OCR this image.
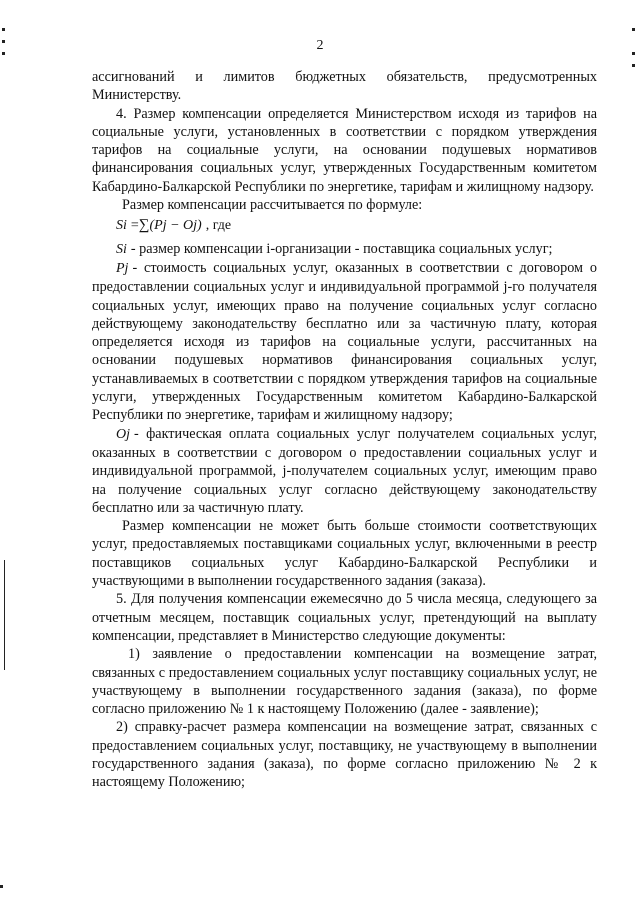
2

ассигнований и лимитов бюджетных обязательств, предусмотренных Министерству.

4. Размер компенсации определяется Министерством исходя из тарифов на социальные услуги, установленных в соответствии с порядком утверждения тарифов на социальные услуги, на основании подушевых нормативов финансирования социальных услуг, утвержденных Государственным комитетом Кабардино-Балкарской Республики по энергетике, тарифам и жилищному надзору.

Размер компенсации рассчитывается по формуле:

Si =∑(Pj − Oj) , где

Si - размер компенсации i-организации - поставщика социальных услуг;

Pj - стоимость социальных услуг, оказанных в соответствии с договором о предоставлении социальных услуг и индивидуальной программой j-го получателя социальных услуг, имеющих право на получение социальных услуг согласно действующему законодательству бесплатно или за частичную плату, которая определяется исходя из тарифов на социальные услуги, рассчитанных на основании подушевых нормативов финансирования социальных услуг, устанавливаемых в соответствии с порядком утверждения тарифов на социальные услуги, утвержденных Государственным комитетом Кабардино-Балкарской Республики по энергетике, тарифам и жилищному надзору;

Oj - фактическая оплата социальных услуг получателем социальных услуг, оказанных в соответствии с договором о предоставлении социальных услуг и индивидуальной программой, j-получателем социальных услуг, имеющим право на получение социальных услуг согласно действующему законодательству бесплатно или за частичную плату.

Размер компенсации не может быть больше стоимости соответствующих услуг, предоставляемых поставщиками социальных услуг, включенными в реестр поставщиков социальных услуг Кабардино-Балкарской Республики и участвующими в выполнении государственного задания (заказа).

5. Для получения компенсации ежемесячно до 5 числа месяца, следующего за отчетным месяцем, поставщик социальных услуг, претендующий на выплату компенсации, представляет в Министерство следующие документы:

1) заявление о предоставлении компенсации на возмещение затрат, связанных с предоставлением социальных услуг поставщику социальных услуг, не участвующему в выполнении государственного задания (заказа), по форме согласно приложению № 1 к настоящему Положению (далее - заявление);

2) справку-расчет размера компенсации на возмещение затрат, связанных с предоставлением социальных услуг, поставщику, не участвующему в выполнении государственного задания (заказа), по форме согласно приложению № 2 к настоящему Положению;
